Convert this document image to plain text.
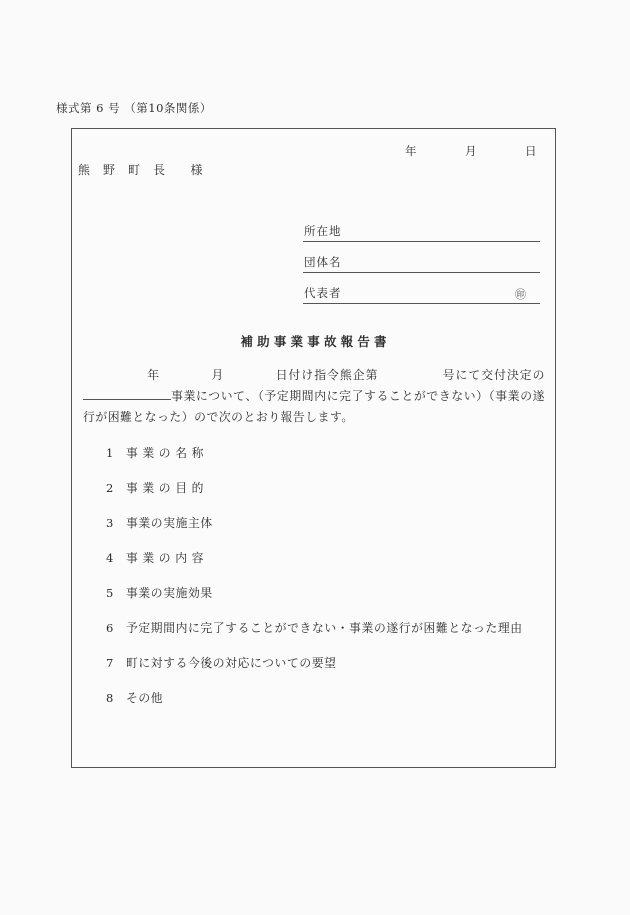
様式第 6 号 （第10条関係）
年　　　　月　　　　日
熊　野　町　長　　様
所在地
団体名
代表者	㊞
補助事業事故報告書
　　　　　年　　　　月　　　　日付け指令熊企第　　　　　号にて交付決定の事業について、（予定期間内に完了することができない）（事業の遂行が困難となった）ので次のとおり報告します。
1	事業の名称
2	事業の目的
3	事業の実施主体
4	事業の内容
5	事業の実施効果
6	予定期間内に完了することができない・事業の遂行が困難となった理由
7	町に対する今後の対応についての要望
8	その他
